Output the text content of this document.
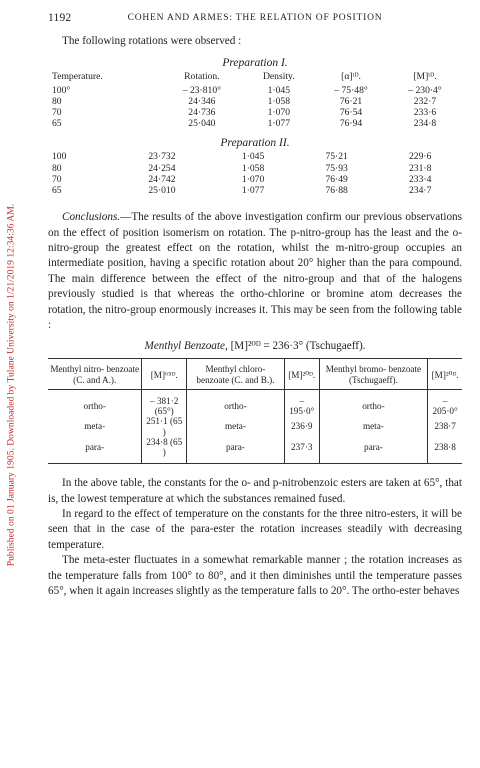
Published on 01 January 1905. Downloaded by Tulane University on 1/21/2019 12:34:36 AM.
1192	COHEN AND ARMES: THE RELATION OF POSITION

The following rotations were observed :

Preparation I.
Temperature.	Rotation.	Density.	[α]ᵗᴰ.	[M]ᵗᴰ.
100°	– 23·810°	1·045	– 75·48°	– 230·4°
80	24·346	1·058	76·21	232·7
70	24·736	1·070	76·54	233·6
65	25·040	1·077	76·94	234·8
Preparation II.
100	23·732	1·045	75·21	229·6
80	24·254	1·058	75·93	231·8
70	24·742	1·070	76·49	233·4
65	25·010	1·077	76·88	234·7

Conclusions.—The results of the above investigation confirm our previous observations on the effect of position isomerism on rotation. The p-nitro-group has the least and the o-nitro-group the greatest effect on the rotation, whilst the m-nitro-group occupies an intermediate position, having a specific rotation about 20° higher than the para compound. The main difference between the effect of the nitro-group and that of the halogens previously studied is that whereas the ortho-chlorine or bromine atom decreases the rotation, the nitro-group enormously increases it. This may be seen from the following table :

Menthyl Benzoate, [M]²⁰ᴰ = 236·3° (Tschugaeff).
Menthyl nitro- benzoate (C. and A.).	[M]⁶⁵ᴰ.	Menthyl chloro- benzoate (C. and B.).	[M]²⁰ᴰ.	Menthyl bromo- benzoate (Tschugaeff).	[M]²⁰ᴰ.
ortho-	– 381·2 (65°)	ortho-	– 195·0°	ortho-	– 205·0°
meta-	251·1 (65 )	meta-	236·9	meta-	238·7
para-	234·8 (65 )	para-	237·3	para-	238·8

In the above table, the constants for the o- and p-nitrobenzoic esters are taken at 65°, that is, the lowest temperature at which the substances remained fused.

In regard to the effect of temperature on the constants for the three nitro-esters, it will be seen that in the case of the para-ester the rotation increases steadily with decreasing temperature.

The meta-ester fluctuates in a somewhat remarkable manner ; the rotation increases as the temperature falls from 100° to 80°, and it then diminishes until the temperature passes 65°, when it again increases slightly as the temperature falls to 20°. The ortho-ester behaves
